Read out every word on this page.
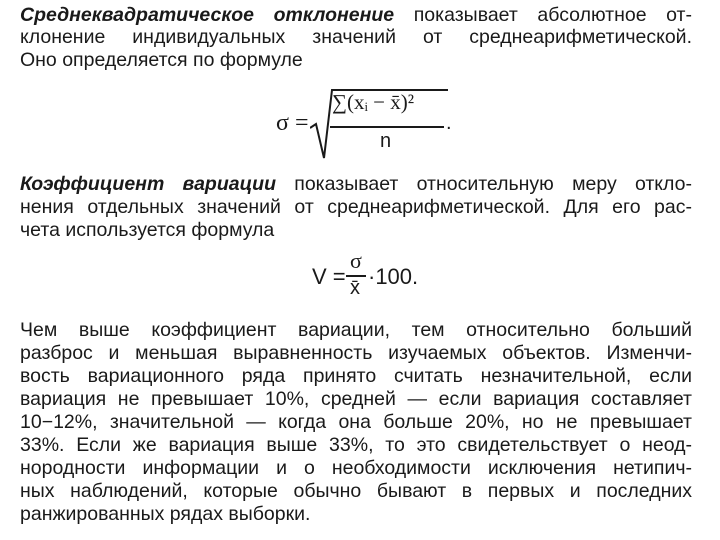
Среднеквадратическое отклонение показывает абсолютное от-
клонение индивидуальных значений от среднеарифметической.
Оно определяется по формуле
σ =
∑(xᵢ − x̄)²
n
.
Коэффициент вариации показывает относительную меру откло-
нения отдельных значений от среднеарифметической. Для его рас-
чета используется формула
V =
σ
x̄ ·100.
Чем выше коэффициент вариации, тем относительно больший
разброс и меньшая выравненность изучаемых объектов. Изменчи-
вость вариационного ряда принято считать незначительной, если
вариация не превышает 10%, средней — если вариация составляет
10−12%, значительной — когда она больше 20%, но не превышает
33%. Если же вариация выше 33%, то это свидетельствует о неод-
нородности информации и о необходимости исключения нетипич-
ных наблюдений, которые обычно бывают в первых и последних
ранжированных рядах выборки.
